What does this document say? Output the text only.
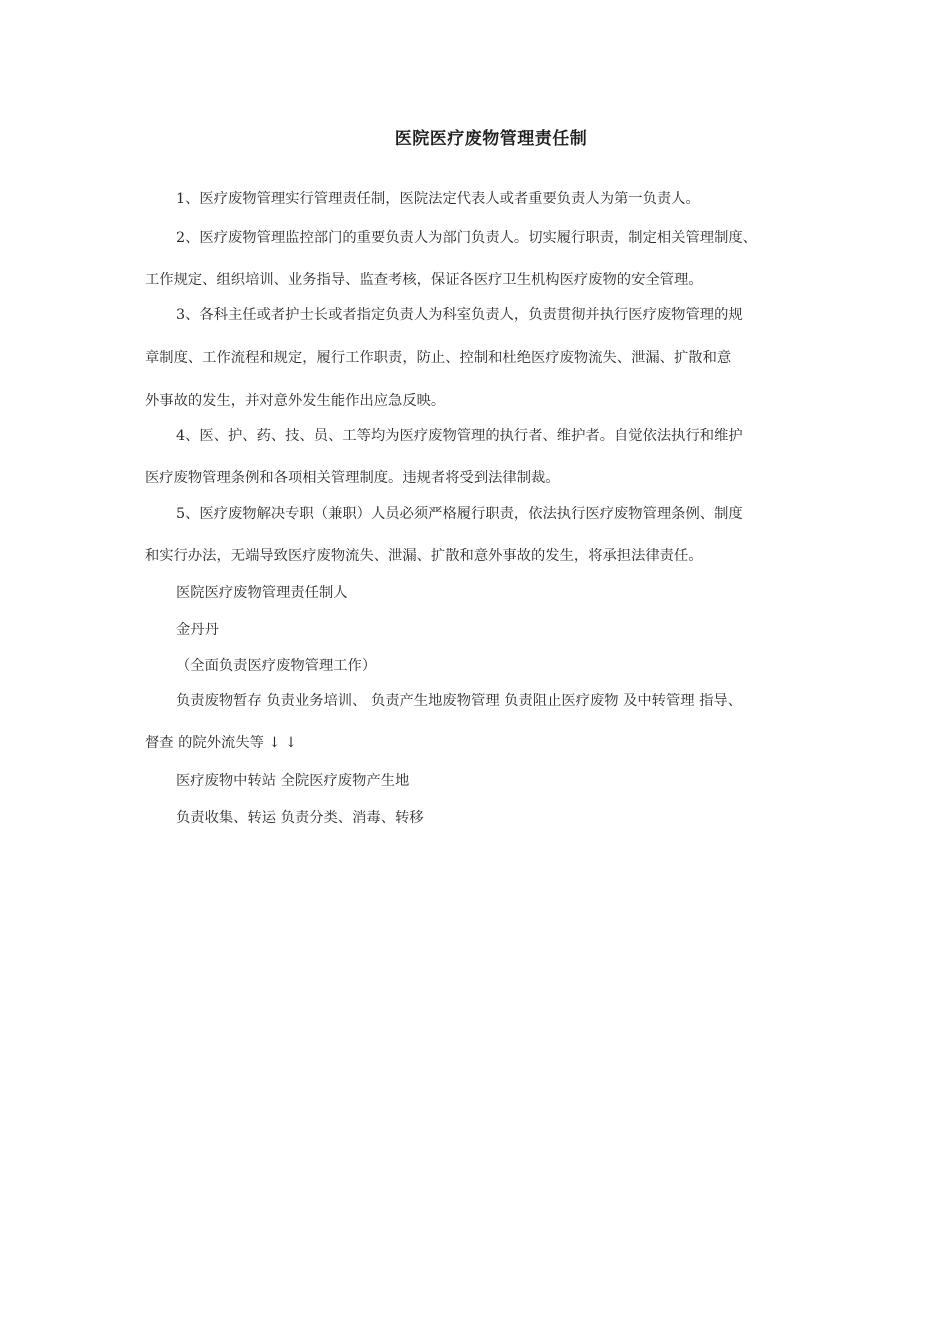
医院医疗废物管理责任制
1、医疗废物管理实行管理责任制，医院法定代表人或者重要负责人为第一负责人。
2、医疗废物管理监控部门的重要负责人为部门负责人。切实履行职责，制定相关管理制度、
工作规定、组织培训、业务指导、监查考核，保证各医疗卫生机构医疗废物的安全管理。
3、各科主任或者护士长或者指定负责人为科室负责人，负责贯彻并执行医疗废物管理的规
章制度、工作流程和规定，履行工作职责，防止、控制和杜绝医疗废物流失、泄漏、扩散和意
外事故的发生，并对意外发生能作出应急反映。
4、医、护、药、技、员、工等均为医疗废物管理的执行者、维护者。自觉依法执行和维护
医疗废物管理条例和各项相关管理制度。违规者将受到法律制裁。
5、医疗废物解决专职（兼职）人员必须严格履行职责，依法执行医疗废物管理条例、制度
和实行办法，无端导致医疗废物流失、泄漏、扩散和意外事故的发生，将承担法律责任。
医院医疗废物管理责任制人
金丹丹
（全面负责医疗废物管理工作）
负责废物暂存 负责业务培训、 负责产生地废物管理 负责阻止医疗废物 及中转管理 指导、
督查 的院外流失等 ↓ ↓
医疗废物中转站 全院医疗废物产生地
负责收集、转运 负责分类、消毒、转移
